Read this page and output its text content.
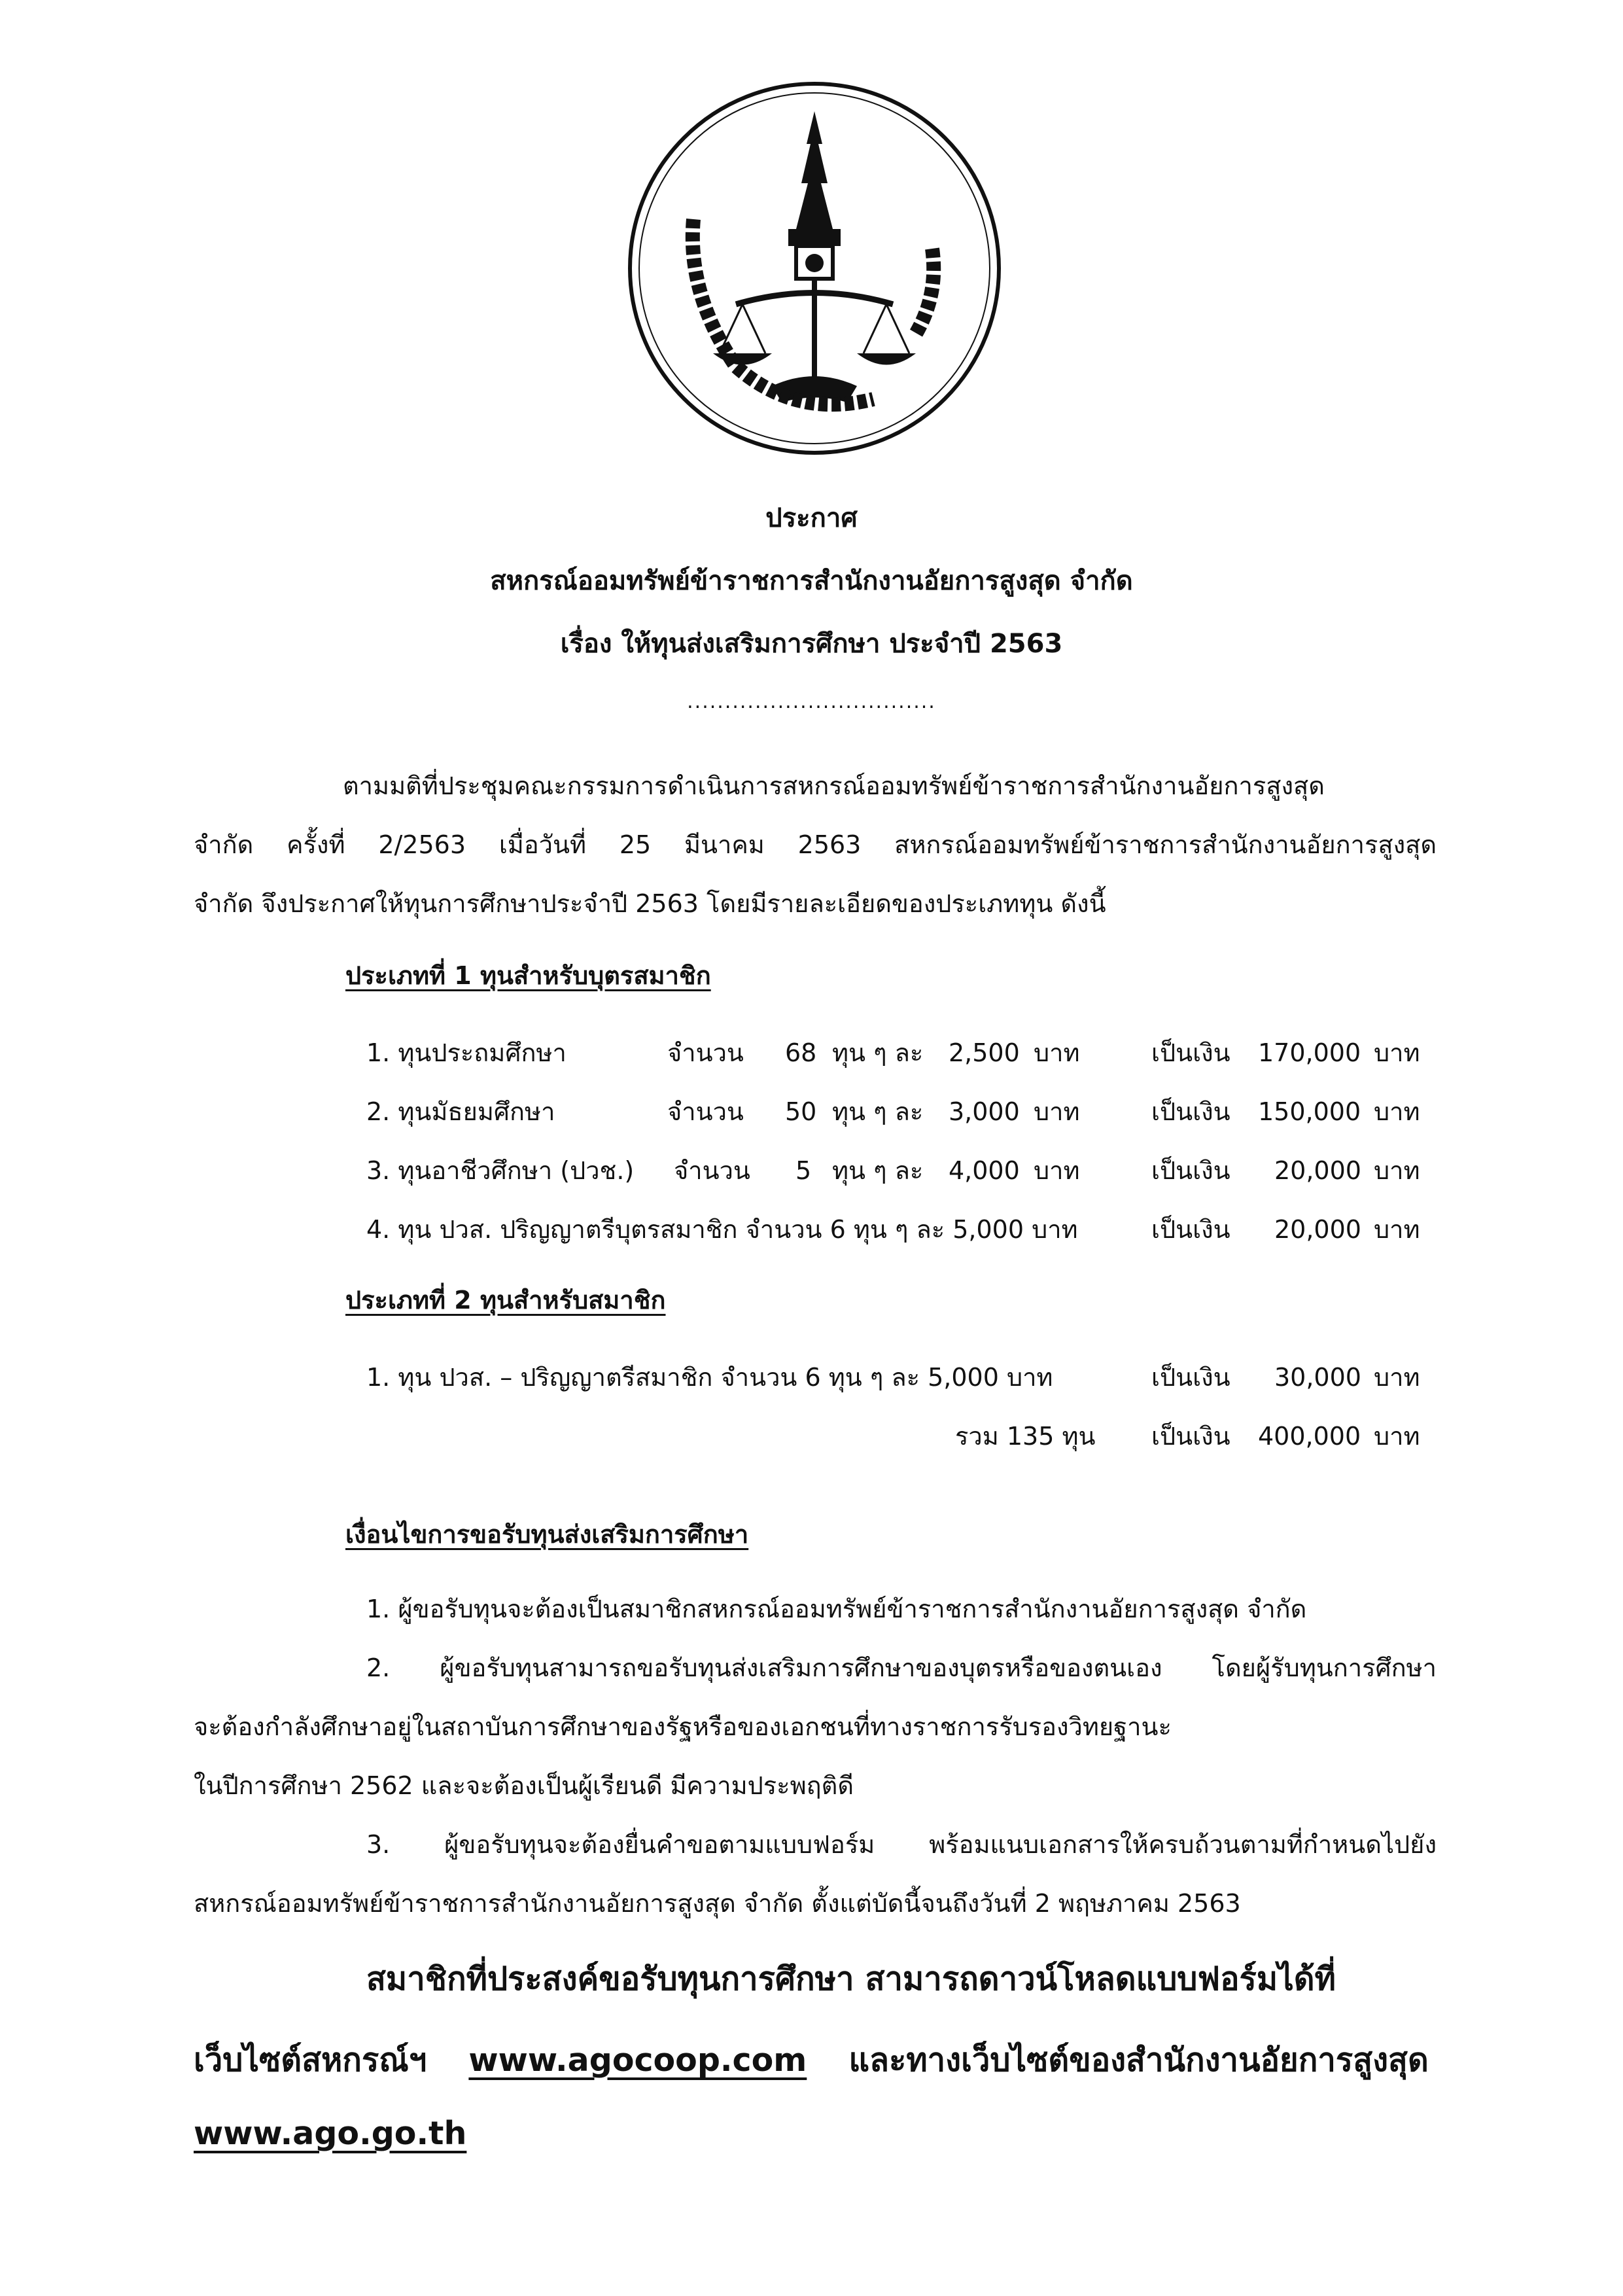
ประกาศ
สหกรณ์ออมทรัพย์ข้าราชการสำนักงานอัยการสูงสุด จำกัด
เรื่อง ให้ทุนส่งเสริมการศึกษา ประจำปี 2563
.................................
ตามมติที่ประชุมคณะกรรมการดำเนินการสหกรณ์ออมทรัพย์ข้าราชการสำนักงานอัยการสูงสุด
จำกัด ครั้งที่ 2/2563 เมื่อวันที่ 25 มีนาคม 2563 สหกรณ์ออมทรัพย์ข้าราชการสำนักงานอัยการสูงสุด
จำกัด จึงประกาศให้ทุนการศึกษาประจำปี 2563 โดยมีรายละเอียดของประเภททุน ดังนี้
ประเภทที่ 1 ทุนสำหรับบุตรสมาชิก
1. ทุนประถมศึกษา	จำนวน 68 ทุน ๆ ละ 2,500 บาท	เป็นเงิน 170,000 บาท
2. ทุนมัธยมศึกษา	จำนวน 50 ทุน ๆ ละ 3,000 บาท	เป็นเงิน 150,000 บาท
3. ทุนอาชีวศึกษา (ปวช.) จำนวน 5 ทุน ๆ ละ 4,000 บาท	เป็นเงิน 20,000 บาท
4. ทุน ปวส. ปริญญาตรีบุตรสมาชิก จำนวน 6 ทุน ๆ ละ 5,000 บาท	เป็นเงิน 20,000 บาท
ประเภทที่ 2 ทุนสำหรับสมาชิก
1. ทุน ปวส. – ปริญญาตรีสมาชิก จำนวน 6 ทุน ๆ ละ 5,000 บาท	เป็นเงิน 30,000 บาท
รวม 135 ทุน เป็นเงิน 400,000 บาท
เงื่อนไขการขอรับทุนส่งเสริมการศึกษา
1. ผู้ขอรับทุนจะต้องเป็นสมาชิกสหกรณ์ออมทรัพย์ข้าราชการสำนักงานอัยการสูงสุด จำกัด
2. ผู้ขอรับทุนสามารถขอรับทุนส่งเสริมการศึกษาของบุตรหรือของตนเอง โดยผู้รับทุนการศึกษา
จะต้องกำลังศึกษาอยู่ในสถาบันการศึกษาของรัฐหรือของเอกชนที่ทางราชการรับรองวิทยฐานะ
ในปีการศึกษา 2562 และจะต้องเป็นผู้เรียนดี มีความประพฤติดี
3. ผู้ขอรับทุนจะต้องยื่นคำขอตามแบบฟอร์ม พร้อมแนบเอกสารให้ครบถ้วนตามที่กำหนดไปยัง
สหกรณ์ออมทรัพย์ข้าราชการสำนักงานอัยการสูงสุด จำกัด ตั้งแต่บัดนี้จนถึงวันที่ 2 พฤษภาคม 2563
สมาชิกที่ประสงค์ขอรับทุนการศึกษา สามารถดาวน์โหลดแบบฟอร์มได้ที่
เว็บไซต์สหกรณ์ฯ www.agocoop.com และทางเว็บไซต์ของสำนักงานอัยการสูงสุด
www.ago.go.th
